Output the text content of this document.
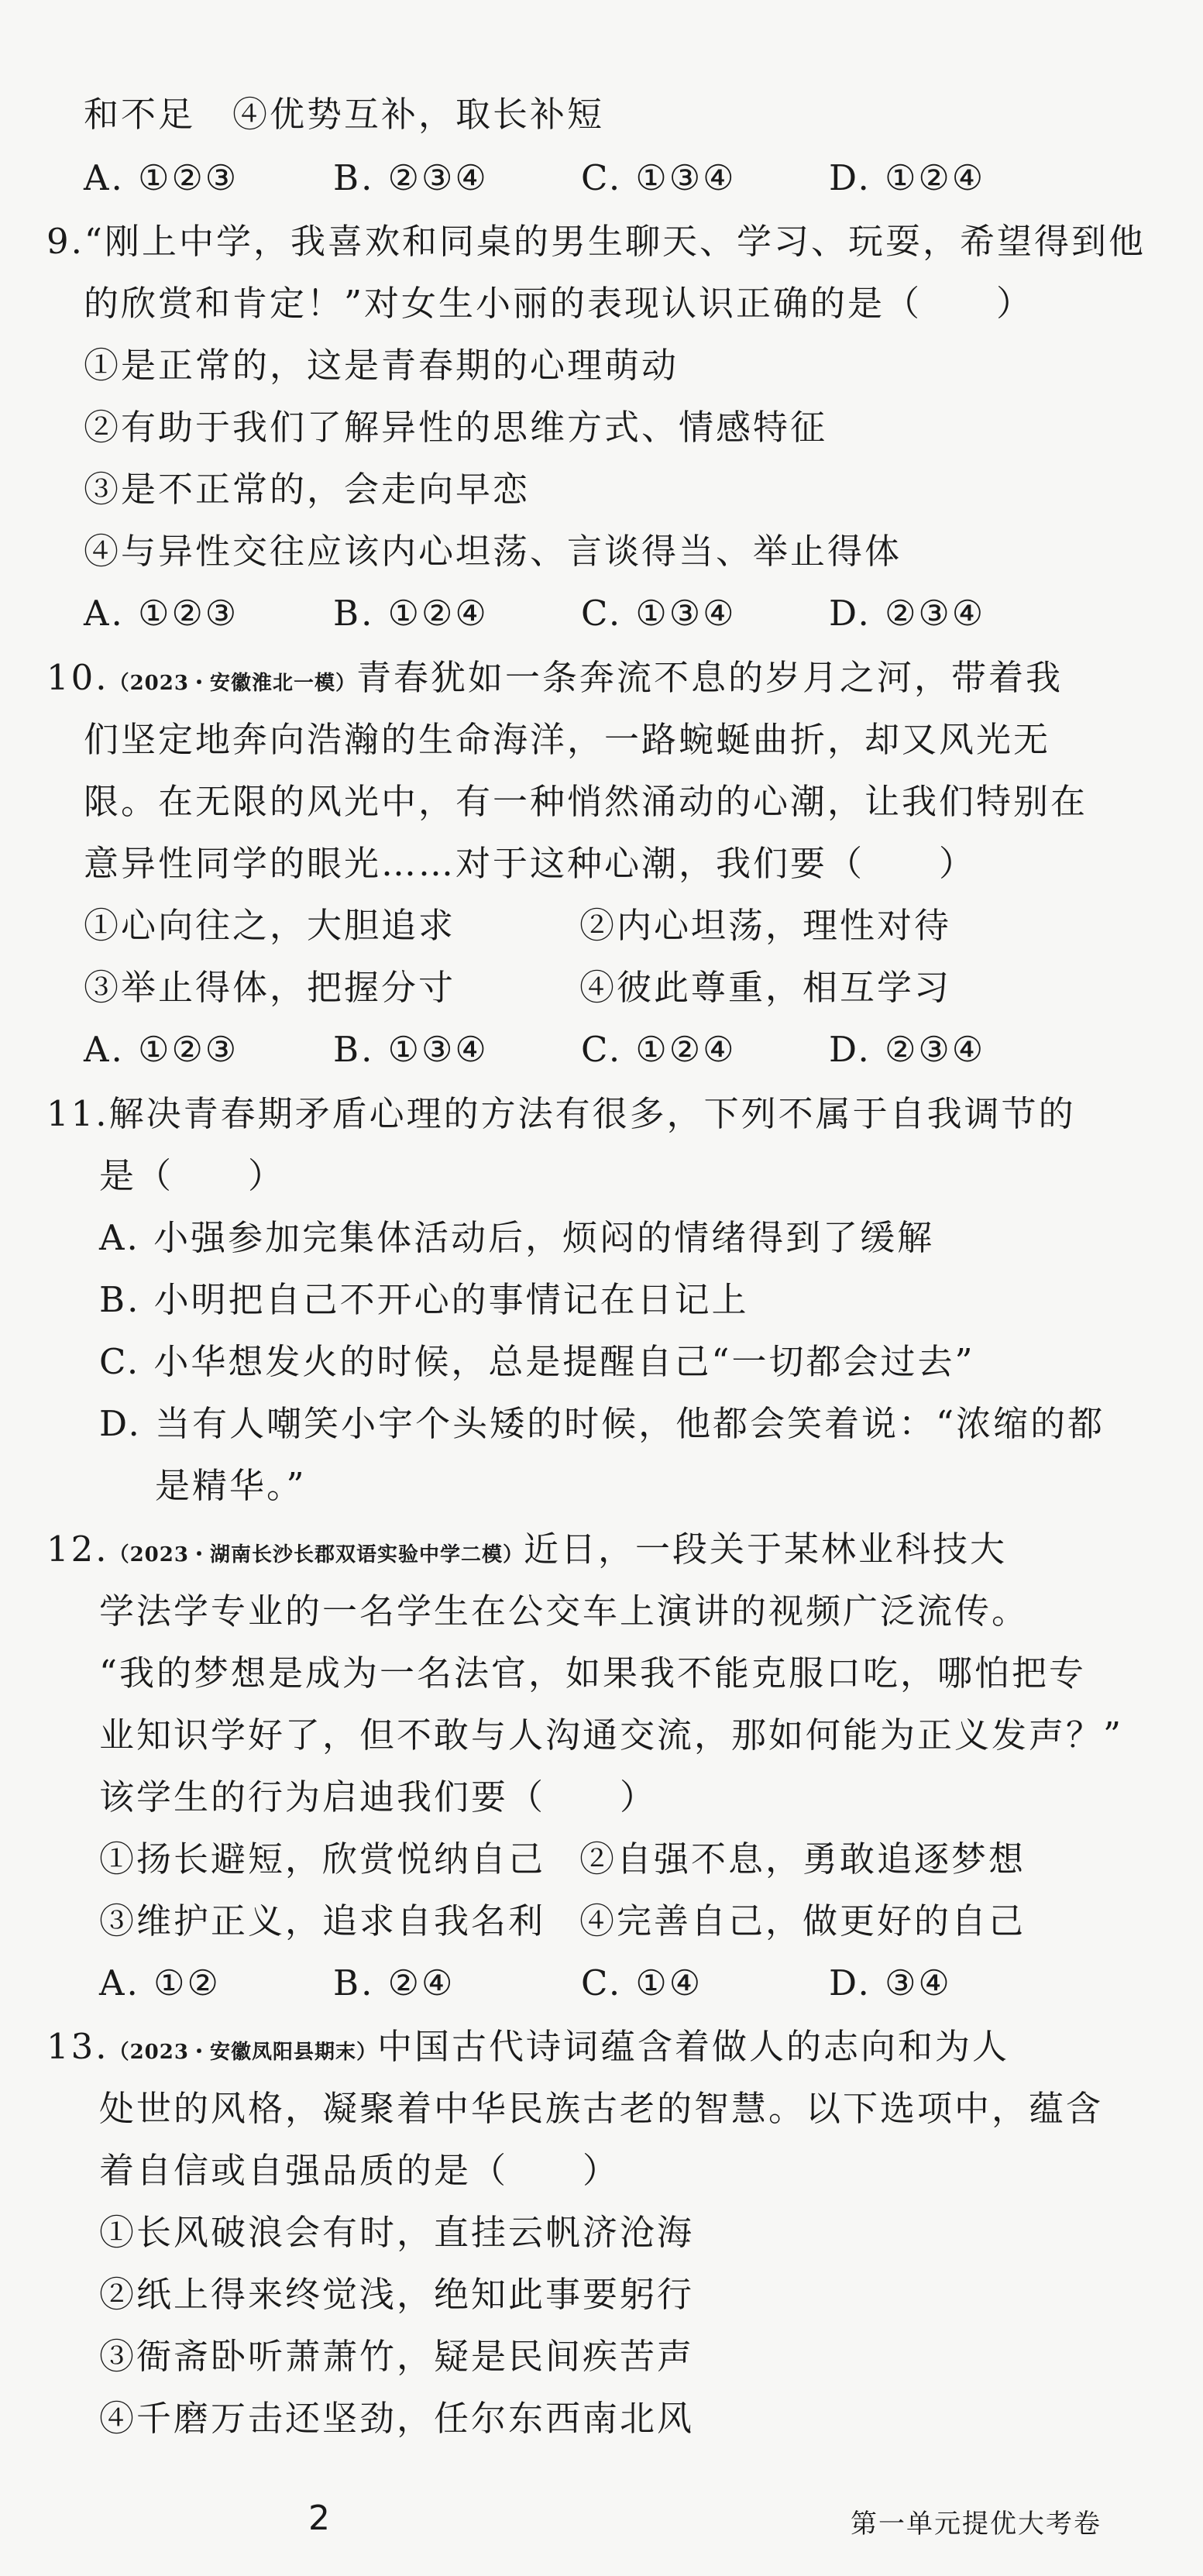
和不足　④优势互补，取长补短
A. ①②③	B. ②③④	C. ①③④	D. ①②④
9.“刚上中学，我喜欢和同桌的男生聊天、学习、玩耍，希望得到他
的欣赏和肯定！”对女生小丽的表现认识正确的是（　　）
①是正常的，这是青春期的心理萌动
②有助于我们了解异性的思维方式、情感特征
③是不正常的，会走向早恋
④与异性交往应该内心坦荡、言谈得当、举止得体
A. ①②③	B. ①②④	C. ①③④	D. ②③④
10.（2023・安徽淮北一模）青春犹如一条奔流不息的岁月之河，带着我
们坚定地奔向浩瀚的生命海洋，一路蜿蜒曲折，却又风光无
限。在无限的风光中，有一种悄然涌动的心潮，让我们特别在
意异性同学的眼光……对于这种心潮，我们要（　　）
①心向往之，大胆追求	②内心坦荡，理性对待
③举止得体，把握分寸	④彼此尊重，相互学习
A. ①②③	B. ①③④	C. ①②④	D. ②③④
11.解决青春期矛盾心理的方法有很多，下列不属于自我调节的
是（　　）
A. 小强参加完集体活动后，烦闷的情绪得到了缓解
B. 小明把自己不开心的事情记在日记上
C. 小华想发火的时候，总是提醒自己“一切都会过去”
D. 当有人嘲笑小宇个头矮的时候，他都会笑着说：“浓缩的都
是精华。”
12.（2023・湖南长沙长郡双语实验中学二模）近日，一段关于某林业科技大
学法学专业的一名学生在公交车上演讲的视频广泛流传。
“我的梦想是成为一名法官，如果我不能克服口吃，哪怕把专
业知识学好了，但不敢与人沟通交流，那如何能为正义发声？”
该学生的行为启迪我们要（　　）
①扬长避短，欣赏悦纳自己 ②自强不息，勇敢追逐梦想
③维护正义，追求自我名利 ④完善自己，做更好的自己
A. ①②	B. ②④	C. ①④	D. ③④
13.（2023・安徽凤阳县期末）中国古代诗词蕴含着做人的志向和为人
处世的风格，凝聚着中华民族古老的智慧。以下选项中，蕴含
着自信或自强品质的是（　　）
①长风破浪会有时，直挂云帆济沧海
②纸上得来终觉浅，绝知此事要躬行
③衙斋卧听萧萧竹，疑是民间疾苦声
④千磨万击还坚劲，任尔东西南北风
2	第一单元提优大考卷
